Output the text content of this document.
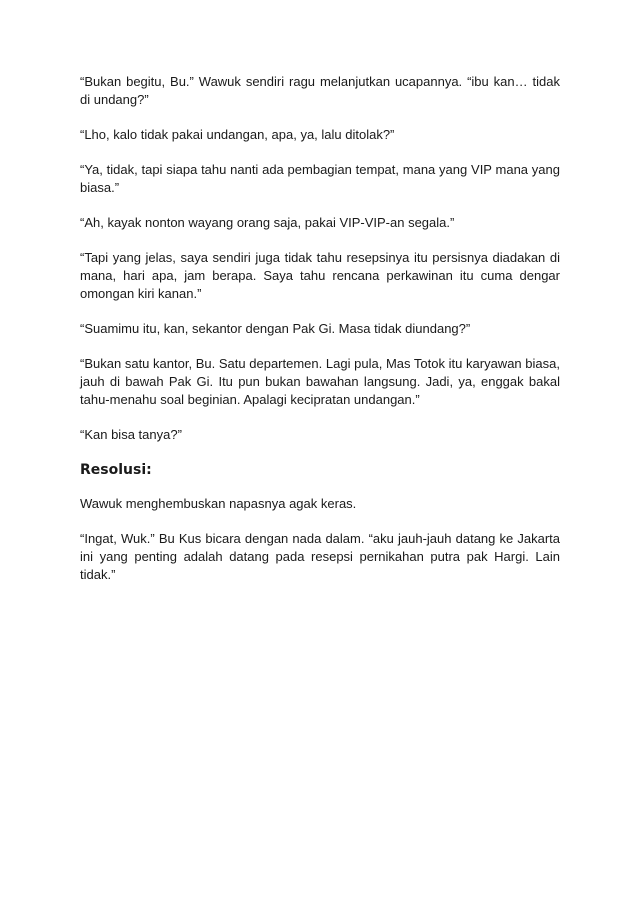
“Bukan begitu, Bu.” Wawuk sendiri ragu melanjutkan ucapannya. “ibu kan… tidak di undang?”

“Lho, kalo tidak pakai undangan, apa, ya, lalu ditolak?”

“Ya, tidak, tapi siapa tahu nanti ada pembagian tempat, mana yang VIP mana yang biasa.”

“Ah, kayak nonton wayang orang saja, pakai VIP-VIP-an segala.”

“Tapi yang jelas, saya sendiri juga tidak tahu resepsinya itu persisnya diadakan di mana, hari apa, jam berapa. Saya tahu rencana perkawinan itu cuma dengar omongan kiri kanan.”

“Suamimu itu, kan, sekantor dengan Pak Gi. Masa tidak diundang?”

“Bukan satu kantor, Bu. Satu departemen. Lagi pula, Mas Totok itu karyawan biasa, jauh di bawah Pak Gi. Itu pun bukan bawahan langsung. Jadi, ya, enggak bakal tahu-menahu soal beginian. Apalagi kecipratan undangan.”

“Kan bisa tanya?”

Resolusi:

Wawuk menghembuskan napasnya agak keras.

“Ingat, Wuk.” Bu Kus bicara dengan nada dalam. “aku jauh-jauh datang ke Jakarta ini yang penting adalah datang pada resepsi pernikahan putra pak Hargi. Lain tidak.”
